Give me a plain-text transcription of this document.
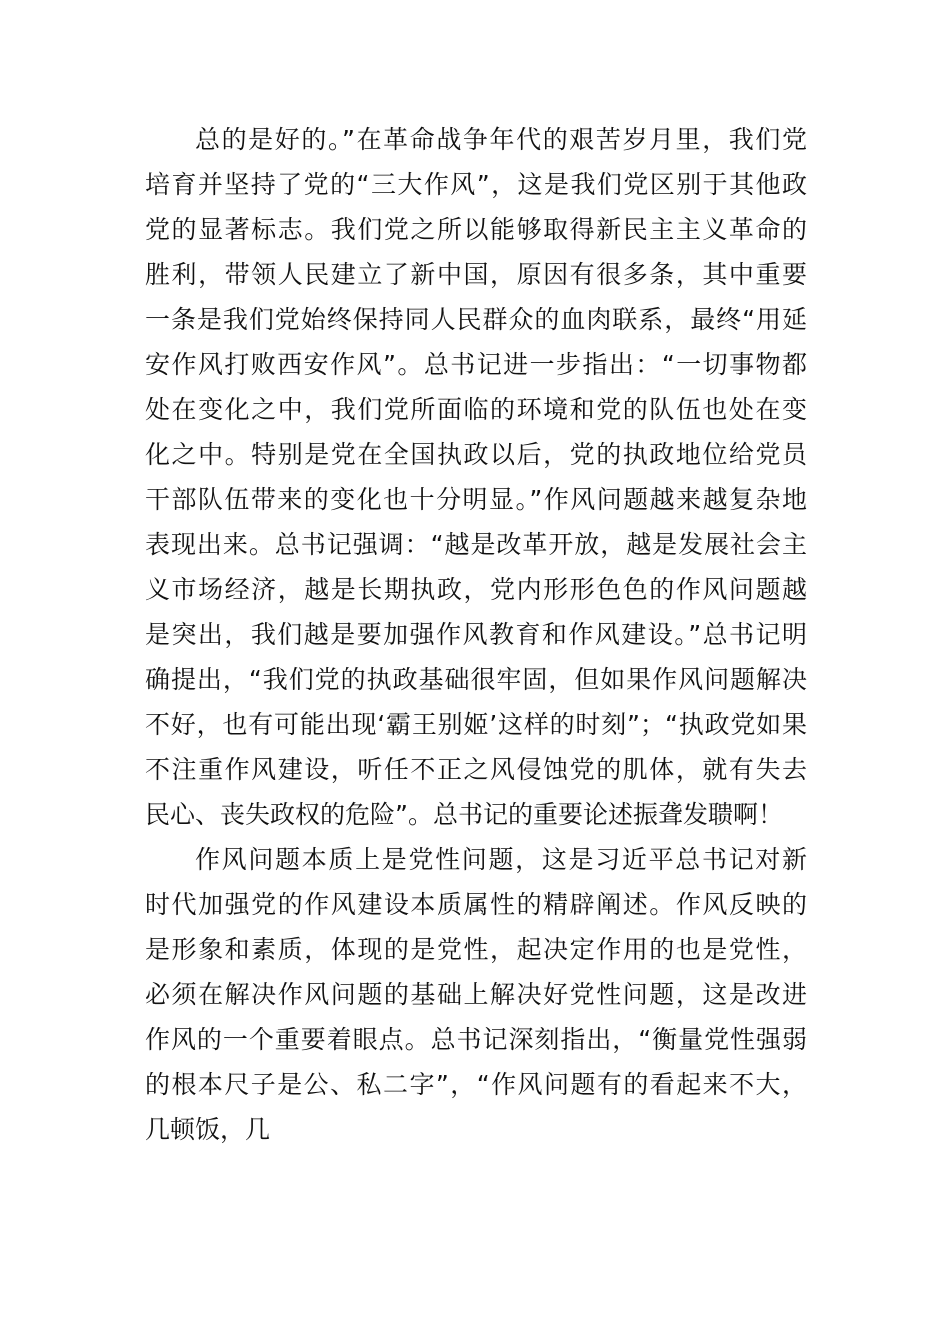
总的是好的。”在革命战争年代的艰苦岁月里，我们党
培育并坚持了党的“三大作风”，这是我们党区别于其他政
党的显著标志。我们党之所以能够取得新民主主义革命的
胜利，带领人民建立了新中国，原因有很多条，其中重要
一条是我们党始终保持同人民群众的血肉联系，最终“用延
安作风打败西安作风”。总书记进一步指出：“一切事物都
处在变化之中，我们党所面临的环境和党的队伍也处在变
化之中。特别是党在全国执政以后，党的执政地位给党员
干部队伍带来的变化也十分明显。”作风问题越来越复杂地
表现出来。总书记强调：“越是改革开放，越是发展社会主
义市场经济，越是长期执政，党内形形色色的作风问题越
是突出，我们越是要加强作风教育和作风建设。”总书记明
确提出，“我们党的执政基础很牢固，但如果作风问题解决
不好，也有可能出现‘霸王别姬’这样的时刻”；“执政党如果
不注重作风建设，听任不正之风侵蚀党的肌体，就有失去
民心、丧失政权的危险”。总书记的重要论述振聋发聩啊！
作风问题本质上是党性问题，这是习近平总书记对新
时代加强党的作风建设本质属性的精辟阐述。作风反映的
是形象和素质，体现的是党性，起决定作用的也是党性，
必须在解决作风问题的基础上解决好党性问题，这是改进
作风的一个重要着眼点。总书记深刻指出，“衡量党性强弱
的根本尺子是公、私二字”，“作风问题有的看起来不大，
几顿饭，几
